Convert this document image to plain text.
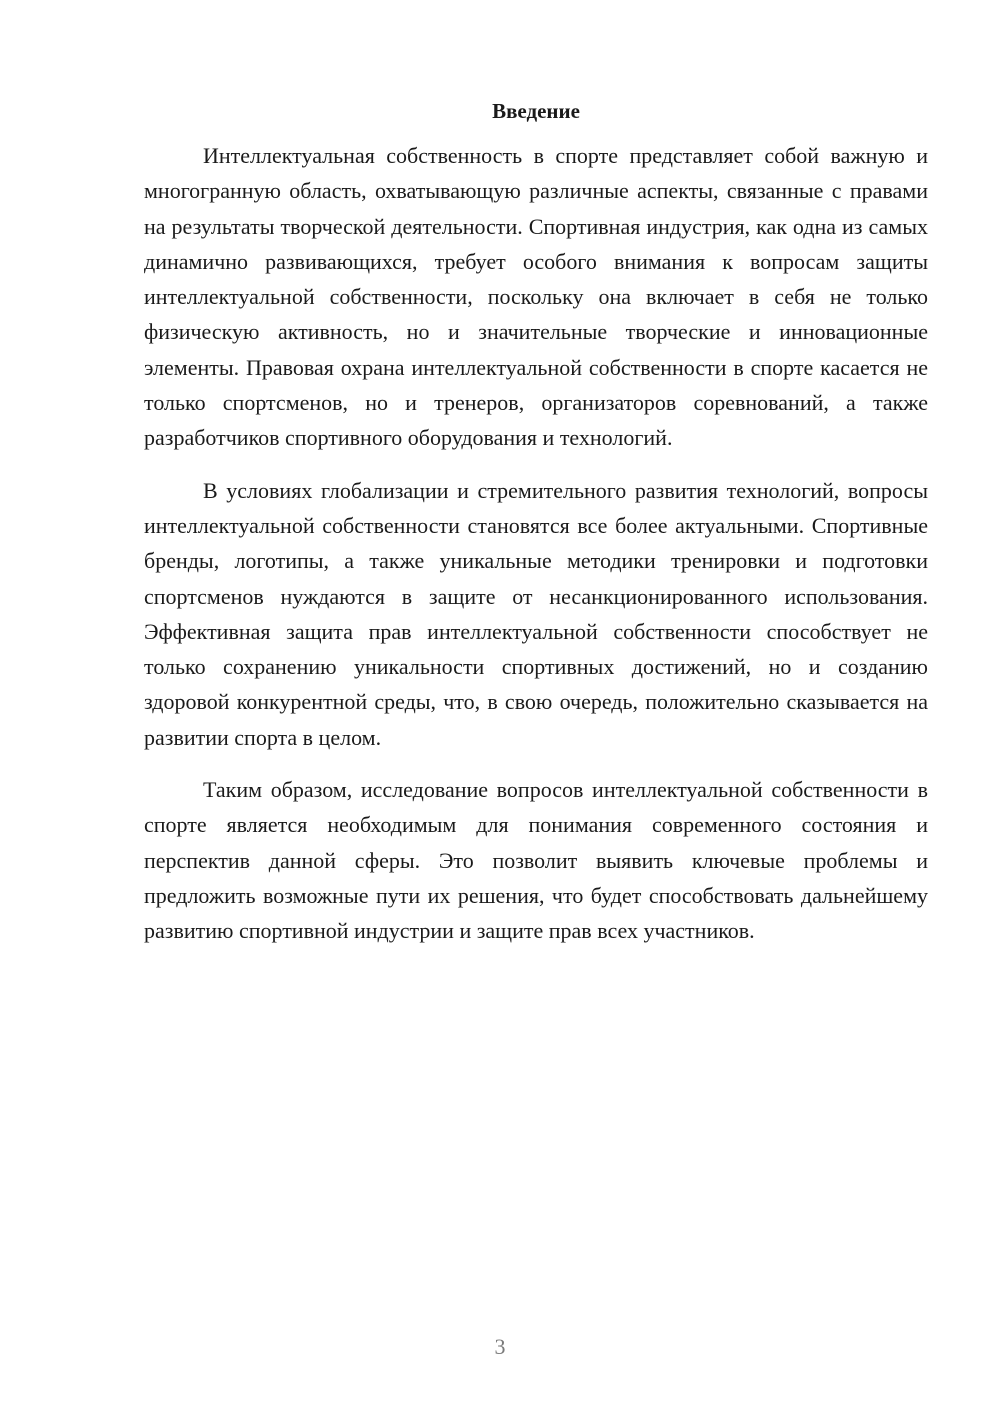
Введение

Интеллектуальная собственность в спорте представляет собой важную и многогранную область, охватывающую различные аспекты, связанные с правами на результаты творческой деятельности. Спортивная индустрия, как одна из самых динамично развивающихся, требует особого внимания к вопросам защиты интеллектуальной собственности, поскольку она включает в себя не только физическую активность, но и значительные творческие и инновационные элементы. Правовая охрана интеллектуальной собственности в спорте касается не только спортсменов, но и тренеров, организаторов соревнований, а также разработчиков спортивного оборудования и технологий.

В условиях глобализации и стремительного развития технологий, вопросы интеллектуальной собственности становятся все более актуальными. Спортивные бренды, логотипы, а также уникальные методики тренировки и подготовки спортсменов нуждаются в защите от несанкционированного использования. Эффективная защита прав интеллектуальной собственности способствует не только сохранению уникальности спортивных достижений, но и созданию здоровой конкурентной среды, что, в свою очередь, положительно сказывается на развитии спорта в целом.

Таким образом, исследование вопросов интеллектуальной собственности в спорте является необходимым для понимания современного состояния и перспектив данной сферы. Это позволит выявить ключевые проблемы и предложить возможные пути их решения, что будет способствовать дальнейшему развитию спортивной индустрии и защите прав всех участников.

3
